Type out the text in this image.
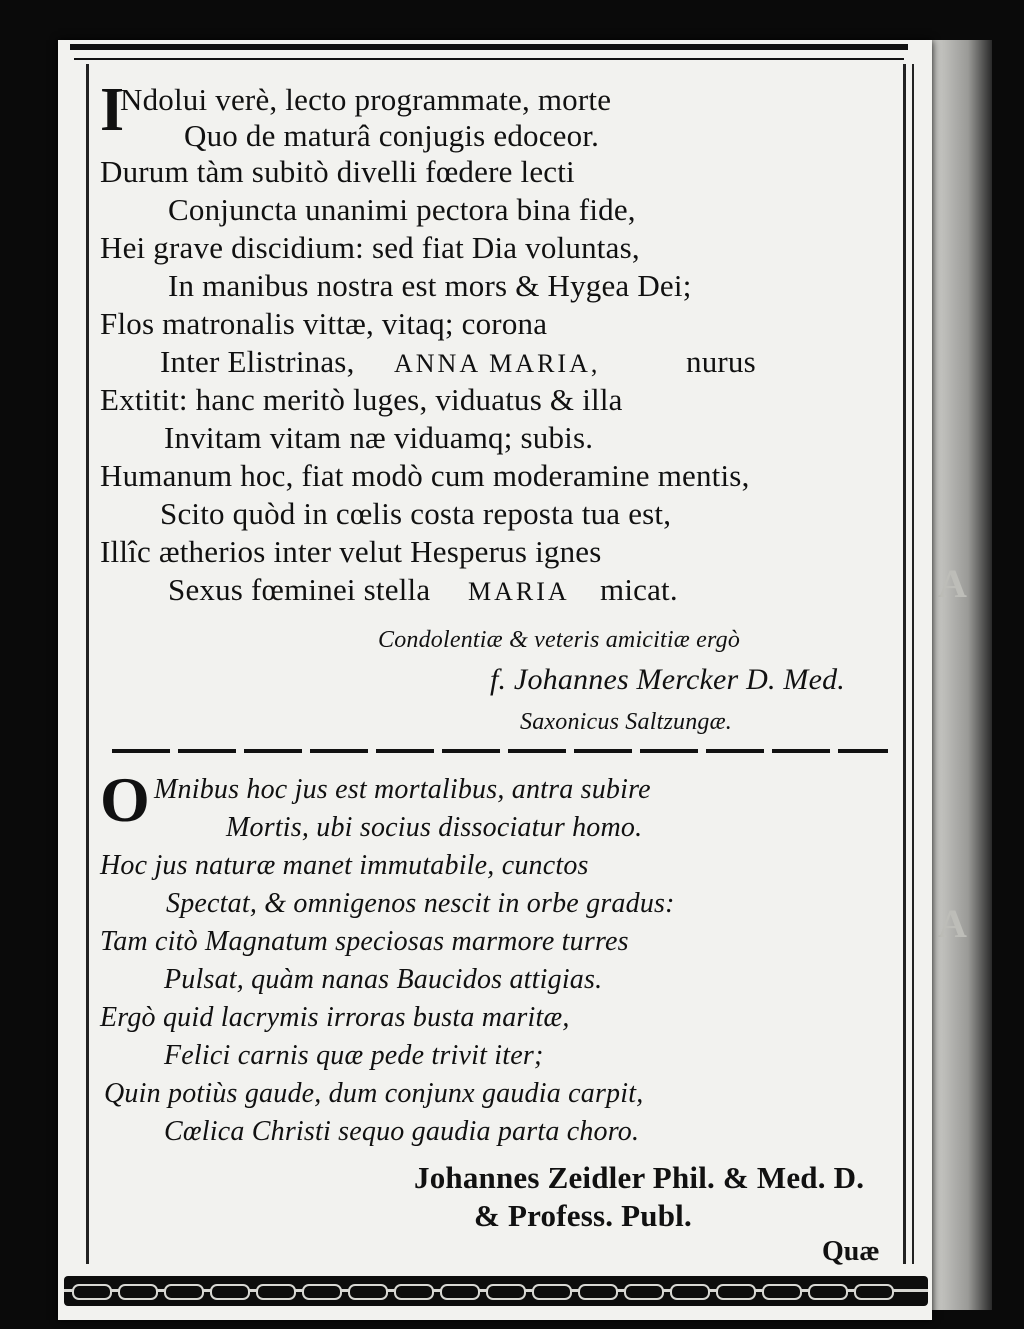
A
A
I
Ndolui verè, lecto programmate, morte
Quo de maturâ conjugis edoceor.
Durum tàm subitò divelli fœdere lecti
Conjuncta unanimi pectora bina fide,
Hei grave discidium: sed fiat Dia voluntas,
In manibus nostra est mors & Hygea Dei;
Flos matronalis vittæ, vitaq; corona
Inter Elistrinas, ANNA MARIA,	nurus
Extitit: hanc meritò luges, viduatus & illa
Invitam vitam næ viduamq; subis.
Humanum hoc, fiat modò cum moderamine mentis,
Scito quòd in cœlis costa reposta tua est,
Illîc ætherios inter velut Hesperus ignes
Sexus fœminei stella MARIA micat.
Condolentiæ & veteris amicitiæ ergò
f. Johannes Mercker D. Med.
Saxonicus Saltzungæ.
O Mnibus hoc jus est mortalibus, antra subire
Mortis, ubi socius dissociatur homo.
Hoc jus naturæ manet immutabile, cunctos
Spectat, & omnigenos nescit in orbe gradus:
Tam citò Magnatum speciosas marmore turres
Pulsat, quàm nanas Baucidos attigias.
Ergò quid lacrymis irroras busta maritæ,
Felici carnis quæ pede trivit iter;
Quin potiùs gaude, dum conjunx gaudia carpit,
Cœlica Christi sequo gaudia parta choro.
Johannes Zeidler Phil. & Med. D.
& Profess. Publ.
Quæ
